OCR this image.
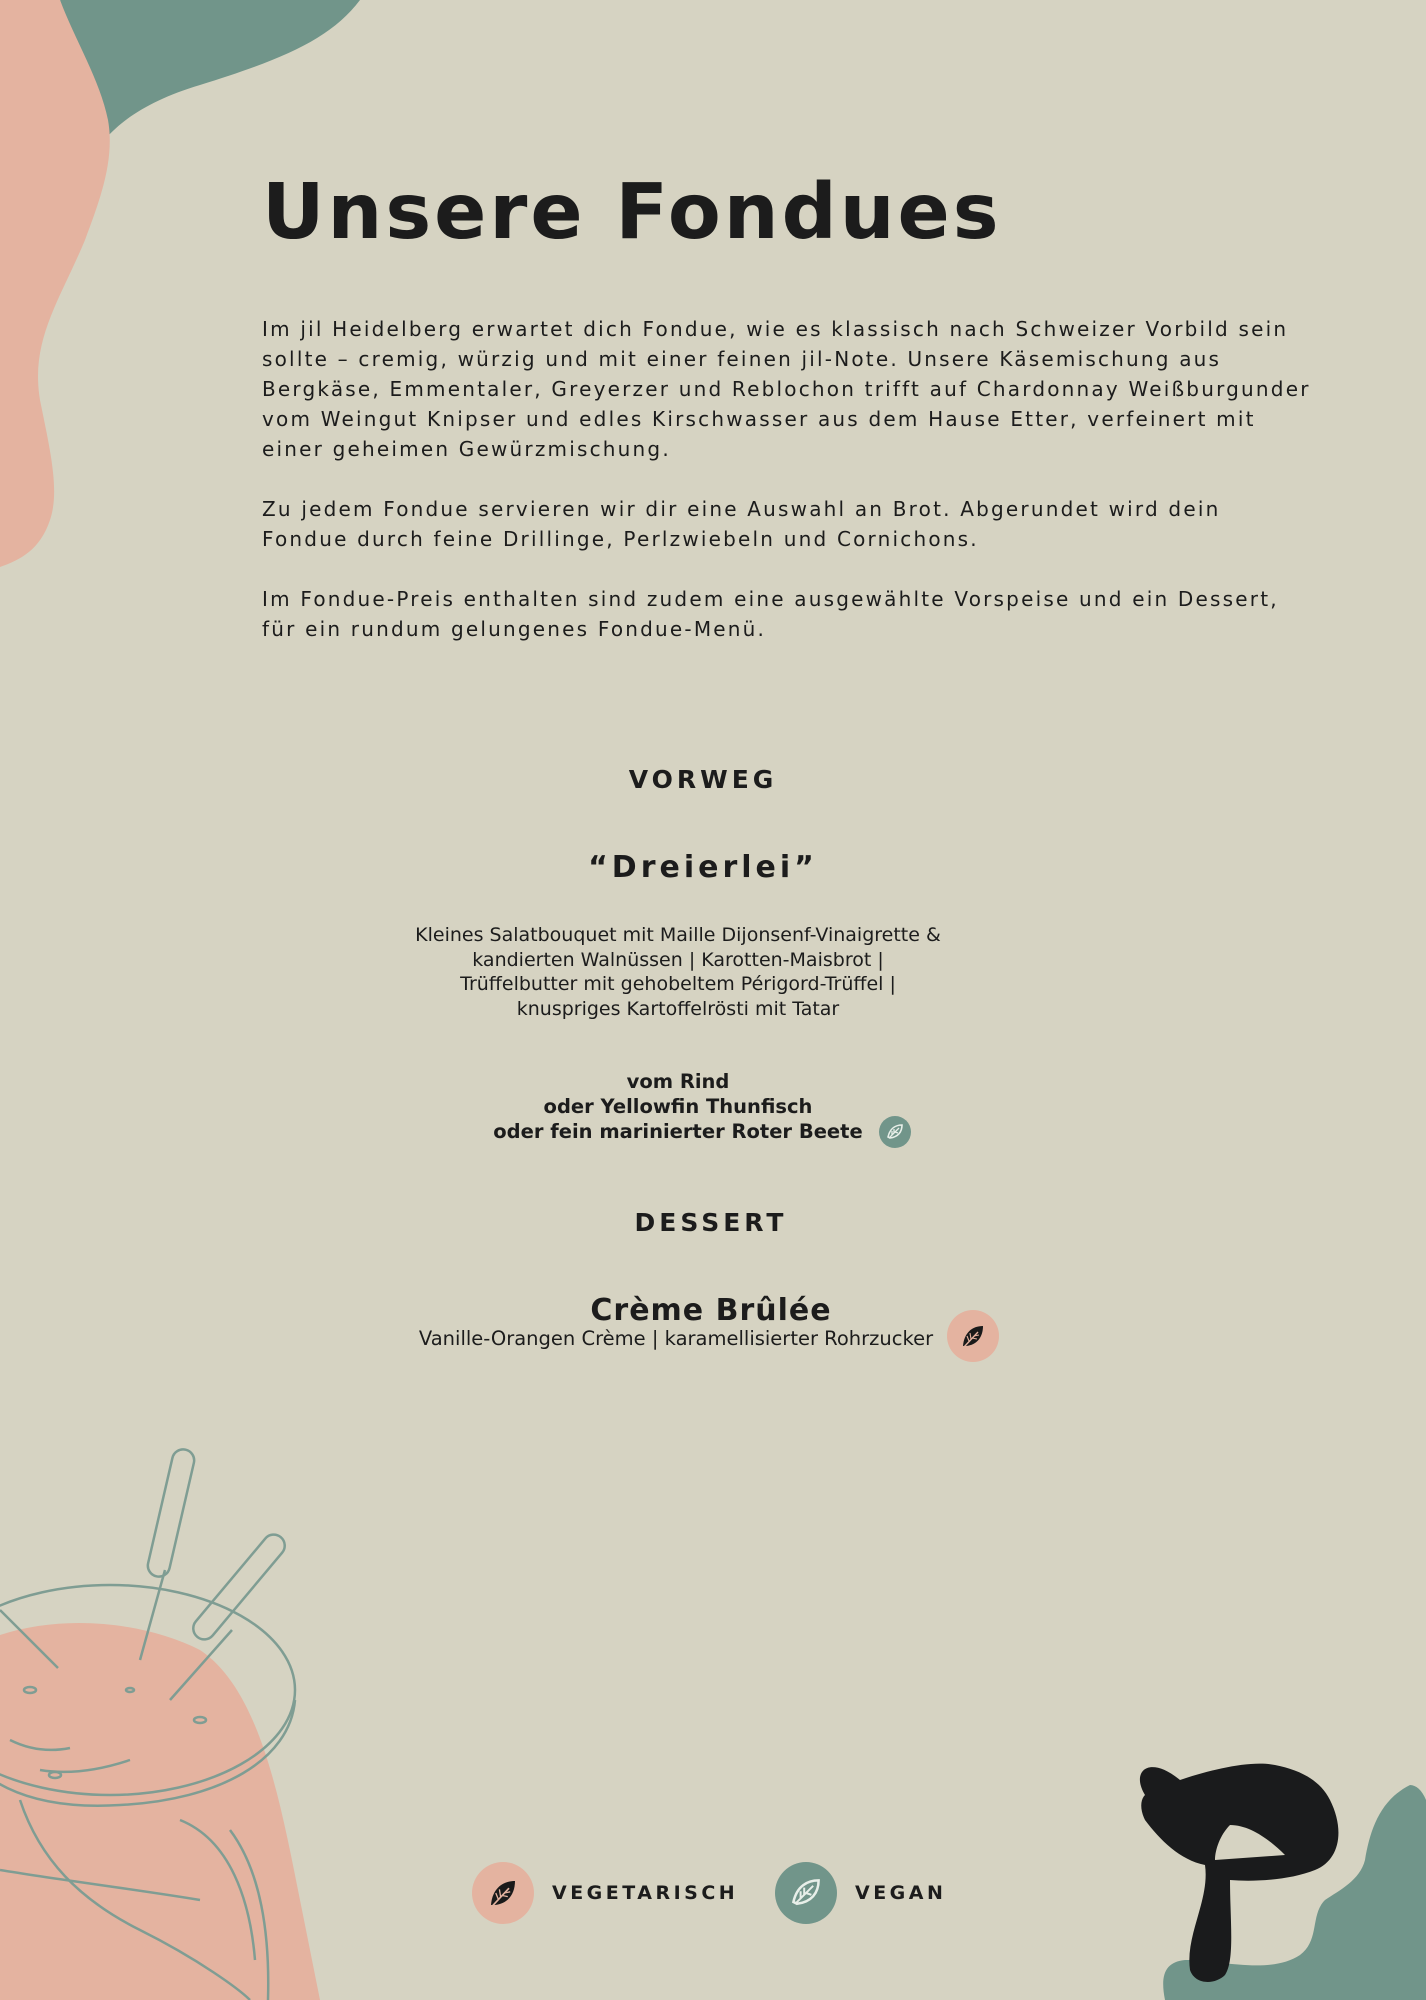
Unsere Fondues

Im jil Heidelberg erwartet dich Fondue, wie es klassisch nach Schweizer Vorbild sein sollte – cremig, würzig und mit einer feinen jil-Note. Unsere Käsemischung aus Bergkäse, Emmentaler, Greyerzer und Reblochon trifft auf Chardonnay Weißburgunder vom Weingut Knipser und edles Kirschwasser aus dem Hause Etter, verfeinert mit einer geheimen Gewürzmischung.

Zu jedem Fondue servieren wir dir eine Auswahl an Brot. Abgerundet wird dein Fondue durch feine Drillinge, Perlzwiebeln und Cornichons.

Im Fondue-Preis enthalten sind zudem eine ausgewählte Vorspeise und ein Dessert, für ein rundum gelungenes Fondue-Menü.

VORWEG
“Dreierlei”
Kleines Salatbouquet mit Maille Dijonsenf-Vinaigrette & kandierten Walnüssen | Karotten-Maisbrot | Trüffelbutter mit gehobeltem Périgord-Trüffel | knuspriges Kartoffelrösti mit Tatar
vom Rind
oder Yellowfin Thunfisch
oder fein marinierter Roter Beete
DESSERT
Crème Brûlée
Vanille-Orangen Crème | karamellisierter Rohrzucker
VEGETARISCH	VEGAN
